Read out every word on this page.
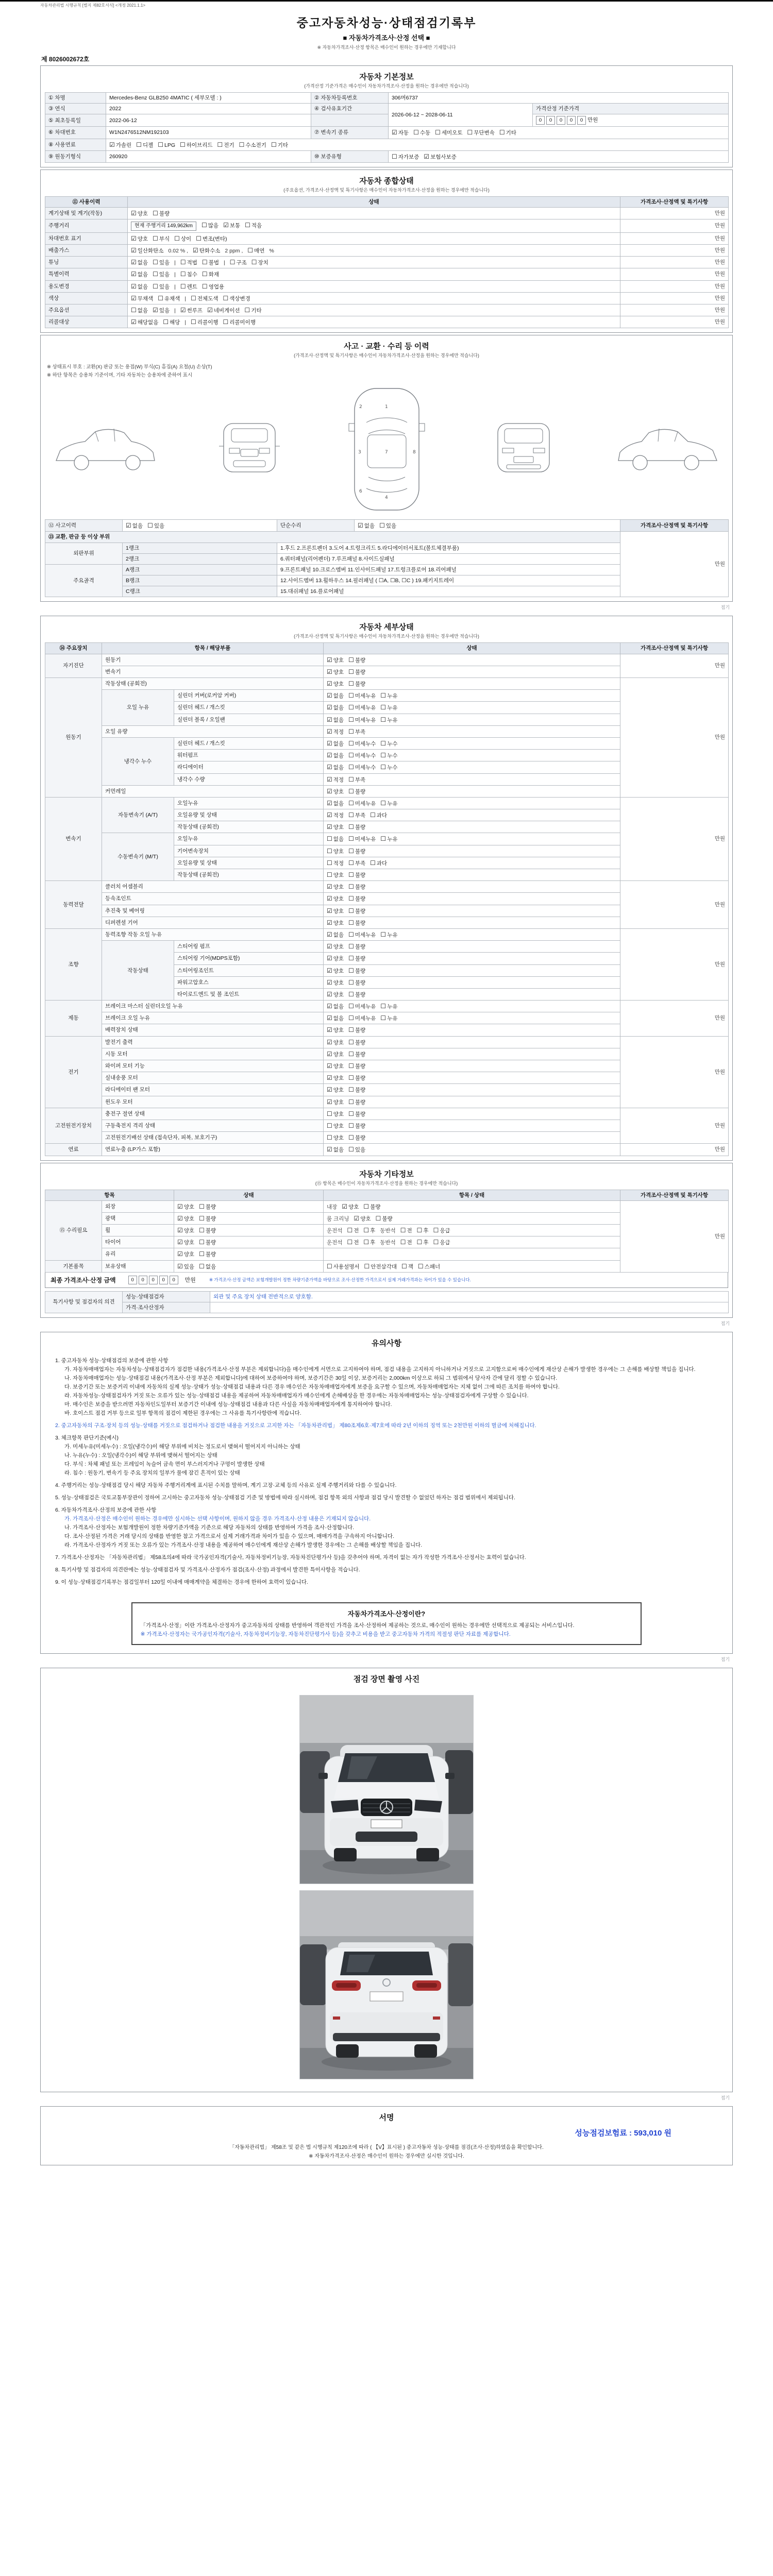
자동차관리법 시행규칙 [별지 제82호서식] <개정 2021.1.1>
중고자동차성능·상태점검기록부
■ 자동차가격조사·산정 선택 ■
※ 자동차가격조사·산정 항목은 매수인이 원하는 경우에만 기재합니다
제 8026002672호
자동차 기본정보
(가격산정 기준가격은 매수인이 자동차가격조사·산정을 원하는 경우에만 적습니다)
① 차명	Mercedes-Benz GLB250 4MATIC ( 세부모델 : )	② 자동차등록번호	306머6737	
③ 연식	2022	④ 검사유효기간	2026-06-12 ~ 2028-06-11	가격산정 기준가격
⑤ 최초등록일	2022-06-12			0 0 0 0 0 만원
⑥ 차대번호	W1N2476512NM192103	⑦ 변속기 종류	☑ 자동 ☐ 수동 ☐ 세미오토 ☐ 무단변속 ☐ 기타	
⑧ 사용연료	☑ 가솔린 ☐ 디젤 ☐ LPG ☐ 하이브리드 ☐ 전기 ☐ 수소전기 ☐ 기타			
⑨ 원동기형식	260920	⑩ 보증유형	☐ 자가보증 ☑ 보험사보증	
자동차 종합상태
(주요옵션, 가격조사·산정액 및 특기사항은 매수인이 자동차가격조사·산정을 원하는 경우에만 적습니다)
⑪ 사용이력	상태	가격조사·산정액 및 특기사항
계기상태 및 계기(작동)	☑ 양호 ☐ 불량	만원
주행거리	현재 주행거리 149,962km ☐ 많음 ☑ 보통 ☐ 적음	만원
차대번호 표기	☑ 양호 ☐ 부식 ☐ 상이 ☐ 변조(변타)	만원
배출가스	☑ 일산화탄소 0.02 % , ☑ 탄화수소 2 ppm , ☐ 매연 %	만원
튜닝	☑ 없음 ☐ 있음 | ☐ 적법 ☐ 불법 | ☐ 구조 ☐ 장치	만원
특별이력	☑ 없음 ☐ 있음 | ☐ 침수 ☐ 화재	만원
용도변경	☑ 없음 ☐ 있음 | ☐ 렌트 ☐ 영업용	만원
색상	☑ 무채색 ☐ 유채색 | ☐ 전체도색 ☐ 색상변경	만원
주요옵션	☐ 없음 ☑ 있음 | ☑ 썬루프 ☑ 네비게이션 ☐ 기타	만원
리콜대상	☑ 해당없음 ☐ 해당 | ☐ 리콜이행 ☐ 리콜미이행	만원
사고 · 교환 · 수리 등 이력
(가격조사·산정액 및 특기사항은 매수인이 자동차가격조사·산정을 원하는 경우에만 적습니다)
※ 상태표시 부호 : 교환(X) 판금 또는 용접(W) 부식(C) 흠집(A) 요철(U) 손상(T)
※ 하단 항목은 승용차 기준이며, 기타 자동차는 승용차에 준하여 표시
1
7
4
2
3
6
8
⑫ 사고이력	☑ 없음 ☐ 있음	단순수리	☑ 없음 ☐ 있음	가격조사·산정액 및 특기사항
⑬ 교환, 판금 등 이상 부위				만원
외판부위	1랭크	1.후드 2.프론트펜더 3.도어 4.트렁크리드 5.라디에이터서포트(볼트체결부품)		
	2랭크	6.쿼터패널(리어펜더) 7.루프패널 8.사이드실패널		
주요골격	A랭크	9.프론트패널 10.크로스멤버 11.인사이드패널 17.트렁크플로어 18.리어패널		
	B랭크	12.사이드멤버 13.휠하우스 14.필러패널 ( ☐A, ☐B, ☐C ) 19.패키지트레이		
	C랭크	15.대쉬패널 16.플로어패널		
접기
자동차 세부상태
(가격조사·산정액 및 특기사항은 매수인이 자동차가격조사·산정을 원하는 경우에만 적습니다)
⑭ 주요장치	항목 / 해당부품		상태	가격조사·산정액 및 특기사항
자기진단	원동기		☑ 양호 ☐ 불량	만원
	변속기		☑ 양호 ☐ 불량	
원동기	작동상태 (공회전)		☑ 양호 ☐ 불량	만원
	오일 누유	실린더 커버(로커암 커버)	☑ 없음 ☐ 미세누유 ☐ 누유	
		실린더 헤드 / 개스킷	☑ 없음 ☐ 미세누유 ☐ 누유	
		실린더 블록 / 오일팬	☑ 없음 ☐ 미세누유 ☐ 누유	
	오일 유량		☑ 적정 ☐ 부족	
	냉각수 누수	실린더 헤드 / 개스킷	☑ 없음 ☐ 미세누수 ☐ 누수	
		워터펌프	☑ 없음 ☐ 미세누수 ☐ 누수	
		라디에이터	☑ 없음 ☐ 미세누수 ☐ 누수	
		냉각수 수량	☑ 적정 ☐ 부족	
	커먼레일		☑ 양호 ☐ 불량	
변속기	자동변속기 (A/T)	오일누유	☑ 없음 ☐ 미세누유 ☐ 누유	만원
		오일유량 및 상태	☑ 적정 ☐ 부족 ☐ 과다	
		작동상태 (공회전)	☑ 양호 ☐ 불량	
	수동변속기 (M/T)	오일누유	☐ 없음 ☐ 미세누유 ☐ 누유	
		기어변속장치	☐ 양호 ☐ 불량	
		오일유량 및 상태	☐ 적정 ☐ 부족 ☐ 과다	
		작동상태 (공회전)	☐ 양호 ☐ 불량	
동력전달	클러치 어셈블리		☑ 양호 ☐ 불량	만원
	등속조인트		☑ 양호 ☐ 불량	
	추진축 및 베어링		☑ 양호 ☐ 불량	
	디퍼렌셜 기어		☑ 양호 ☐ 불량	
조향	동력조향 작동 오일 누유		☑ 없음 ☐ 미세누유 ☐ 누유	만원
	작동상태	스티어링 펌프	☑ 양호 ☐ 불량	
		스티어링 기어(MDPS포함)	☑ 양호 ☐ 불량	
		스티어링조인트	☑ 양호 ☐ 불량	
		파워고압호스	☑ 양호 ☐ 불량	
		타이로드엔드 및 볼 조인트	☑ 양호 ☐ 불량	
제동	브레이크 마스터 실린더오일 누유		☑ 없음 ☐ 미세누유 ☐ 누유	만원
	브레이크 오일 누유		☑ 없음 ☐ 미세누유 ☐ 누유	
	배력장치 상태		☑ 양호 ☐ 불량	
전기	발전기 출력		☑ 양호 ☐ 불량	만원
	시동 모터		☑ 양호 ☐ 불량	
	와이퍼 모터 기능		☑ 양호 ☐ 불량	
	실내송풍 모터		☑ 양호 ☐ 불량	
	라디에이터 팬 모터		☑ 양호 ☐ 불량	
	윈도우 모터		☑ 양호 ☐ 불량	
고전원전기장치	충전구 절연 상태		☐ 양호 ☐ 불량	만원
	구동축전지 격리 상태		☐ 양호 ☐ 불량	
	고전원전기배선 상태 (접속단자, 피복, 보호기구)		☐ 양호 ☐ 불량	
연료	연료누출 (LP가스 포함)		☑ 없음 ☐ 있음	만원
자동차 기타정보
(⑮ 항목은 매수인이 자동차가격조사·산정을 원하는 경우에만 적습니다)
항목		상태	항목 / 상태	가격조사·산정액 및 특기사항
⑮ 수리필요	외장	☑ 양호 ☐ 불량	내장 ☑ 양호 ☐ 불량	만원
	광택	☑ 양호 ☐ 불량	룸 크리닝 ☑ 양호 ☐ 불량	
	휠	☑ 양호 ☐ 불량	운전석 ☐ 전 ☐ 후 동반석 ☐ 전 ☐ 후 ☐ 응급	
	타이어	☑ 양호 ☐ 불량	운전석 ☐ 전 ☐ 후 동반석 ☐ 전 ☐ 후 ☐ 응급	
	유리	☑ 양호 ☐ 불량		
기본품목	보유상태	☑ 있음 ☐ 없음	☐ 사용설명서 ☐ 안전삼각대 ☐ 잭 ☐ 스패너	
최종 가격조사·산정 금액	0 0 0 0 0	만원	※ 가격조사·산정 금액은 보험개발원이 정한 차량기준가액을 바탕으로 조사·산정한 가격으로서 실제 거래가격과는 차이가 있을 수 있습니다.
특기사항 및 점검자의 의견	성능·상태점검자	외관 및 주요 장치 상태 전반적으로 양호함.
	가격·조사산정자	
접기
유의사항
1. 중고자동차 성능·상태점검의 보증에 관한 사항
가. 자동차매매업자는 자동차성능·상태점검자가 점검한 내용(가격조사·산정 부분은 제외합니다)을 매수인에게 서면으로 고지하여야 하며, 점검 내용을 고지하지 아니하거나 거짓으로 고지함으로써 매수인에게 재산상 손해가 발생한 경우에는 그 손해를 배상할 책임을 집니다.
나. 자동차매매업자는 성능·상태점검 내용(가격조사·산정 부분은 제외합니다)에 대하여 보증하여야 하며, 보증기간은 30일 이상, 보증거리는 2,000km 이상으로 하되 그 범위에서 당사자 간에 달리 정할 수 있습니다.
다. 보증기간 또는 보증거리 이내에 자동차의 실제 성능·상태가 성능·상태점검 내용과 다른 경우 매수인은 자동차매매업자에게 보증을 요구할 수 있으며, 자동차매매업자는 지체 없이 그에 따른 조치를 하여야 합니다.
라. 자동차성능·상태점검자가 거짓 또는 오류가 있는 성능·상태점검 내용을 제공하여 자동차매매업자가 매수인에게 손해배상을 한 경우에는 자동차매매업자는 성능·상태점검자에게 구상할 수 있습니다.
마. 매수인은 보증을 받으려면 자동차인도일부터 보증기간 이내에 성능·상태점검 내용과 다른 사실을 자동차매매업자에게 통지하여야 합니다.
바. 호이스트 점검 거부 등으로 일부 항목의 점검이 제한된 경우에는 그 사유를 특기사항란에 적습니다.
2. 중고자동차의 구조·장치 등의 성능·상태를 거짓으로 점검하거나 점검한 내용을 거짓으로 고지한 자는 「자동차관리법」 제80조제6호·제7호에 따라 2년 이하의 징역 또는 2천만원 이하의 벌금에 처해집니다.
3. 체크항목 판단기준(예시)
가. 미세누유(미세누수) : 오일(냉각수)이 해당 부위에 비치는 정도로서 맺혀서 떨어지지 아니하는 상태
나. 누유(누수) : 오일(냉각수)이 해당 부위에 맺혀서 떨어지는 상태
다. 부식 : 차체 패널 또는 프레임이 녹슬어 금속 면이 부스러지거나 구멍이 발생한 상태
라. 침수 : 원동기, 변속기 등 주요 장치의 일부가 물에 잠긴 흔적이 있는 상태
4. 주행거리는 성능·상태점검 당시 해당 자동차 주행거리계에 표시된 수치를 말하며, 계기 고장·교체 등의 사유로 실제 주행거리와 다를 수 있습니다.
5. 성능·상태점검은 국토교통부장관이 정하여 고시하는 중고자동차 성능·상태점검 기준 및 방법에 따라 실시하며, 점검 항목 외의 사항과 점검 당시 발견할 수 없었던 하자는 점검 범위에서 제외됩니다.
6. 자동차가격조사·산정의 보증에 관한 사항
가. 가격조사·산정은 매수인이 원하는 경우에만 실시하는 선택 사항이며, 원하지 않을 경우 가격조사·산정 내용은 기재되지 않습니다.
나. 가격조사·산정자는 보험개발원이 정한 차량기준가액을 기준으로 해당 자동차의 상태를 반영하여 가격을 조사·산정합니다.
다. 조사·산정된 가격은 거래 당시의 상태를 반영한 참고 가격으로서 실제 거래가격과 차이가 있을 수 있으며, 매매가격을 구속하지 아니합니다.
라. 가격조사·산정자가 거짓 또는 오류가 있는 가격조사·산정 내용을 제공하여 매수인에게 재산상 손해가 발생한 경우에는 그 손해를 배상할 책임을 집니다.
7. 가격조사·산정자는 「자동차관리법」 제58조의4에 따라 국가공인자격(기술사, 자동차정비기능장, 자동차진단평가사 등)을 갖추어야 하며, 자격이 없는 자가 작성한 가격조사·산정서는 효력이 없습니다.
8. 특기사항 및 점검자의 의견란에는 성능·상태점검자 및 가격조사·산정자가 점검(조사·산정) 과정에서 발견한 특이사항을 적습니다.
9. 이 성능·상태점검기록부는 점검일부터 120일 이내에 매매계약을 체결하는 경우에 한하여 효력이 있습니다.
자동차가격조사·산정이란?
「가격조사·산정」이란 가격조사·산정자가 중고자동차의 상태를 반영하여 객관적인 가격을 조사·산정하여 제공하는 것으로, 매수인이 원하는 경우에만 선택적으로 제공되는 서비스입니다.
※ 가격조사·산정자는 국가공인자격(기술사, 자동차정비기능장, 자동차진단평가사 등)을 갖추고 비용을 받고 중고자동차 가격의 적절성 판단 자료를 제공합니다.
접기
점검 장면 촬영 사진
접기
서명
성능점검보험료 : 593,010 원
「자동차관리법」 제58조 및 같은 법 시행규칙 제120조에 따라 ( 【V】표시된 ) 중고자동차 성능·상태를 점검(조사·산정)하였음을 확인합니다.
※ 자동차가격조사·산정은 매수인이 원하는 경우에만 실시한 것입니다.
